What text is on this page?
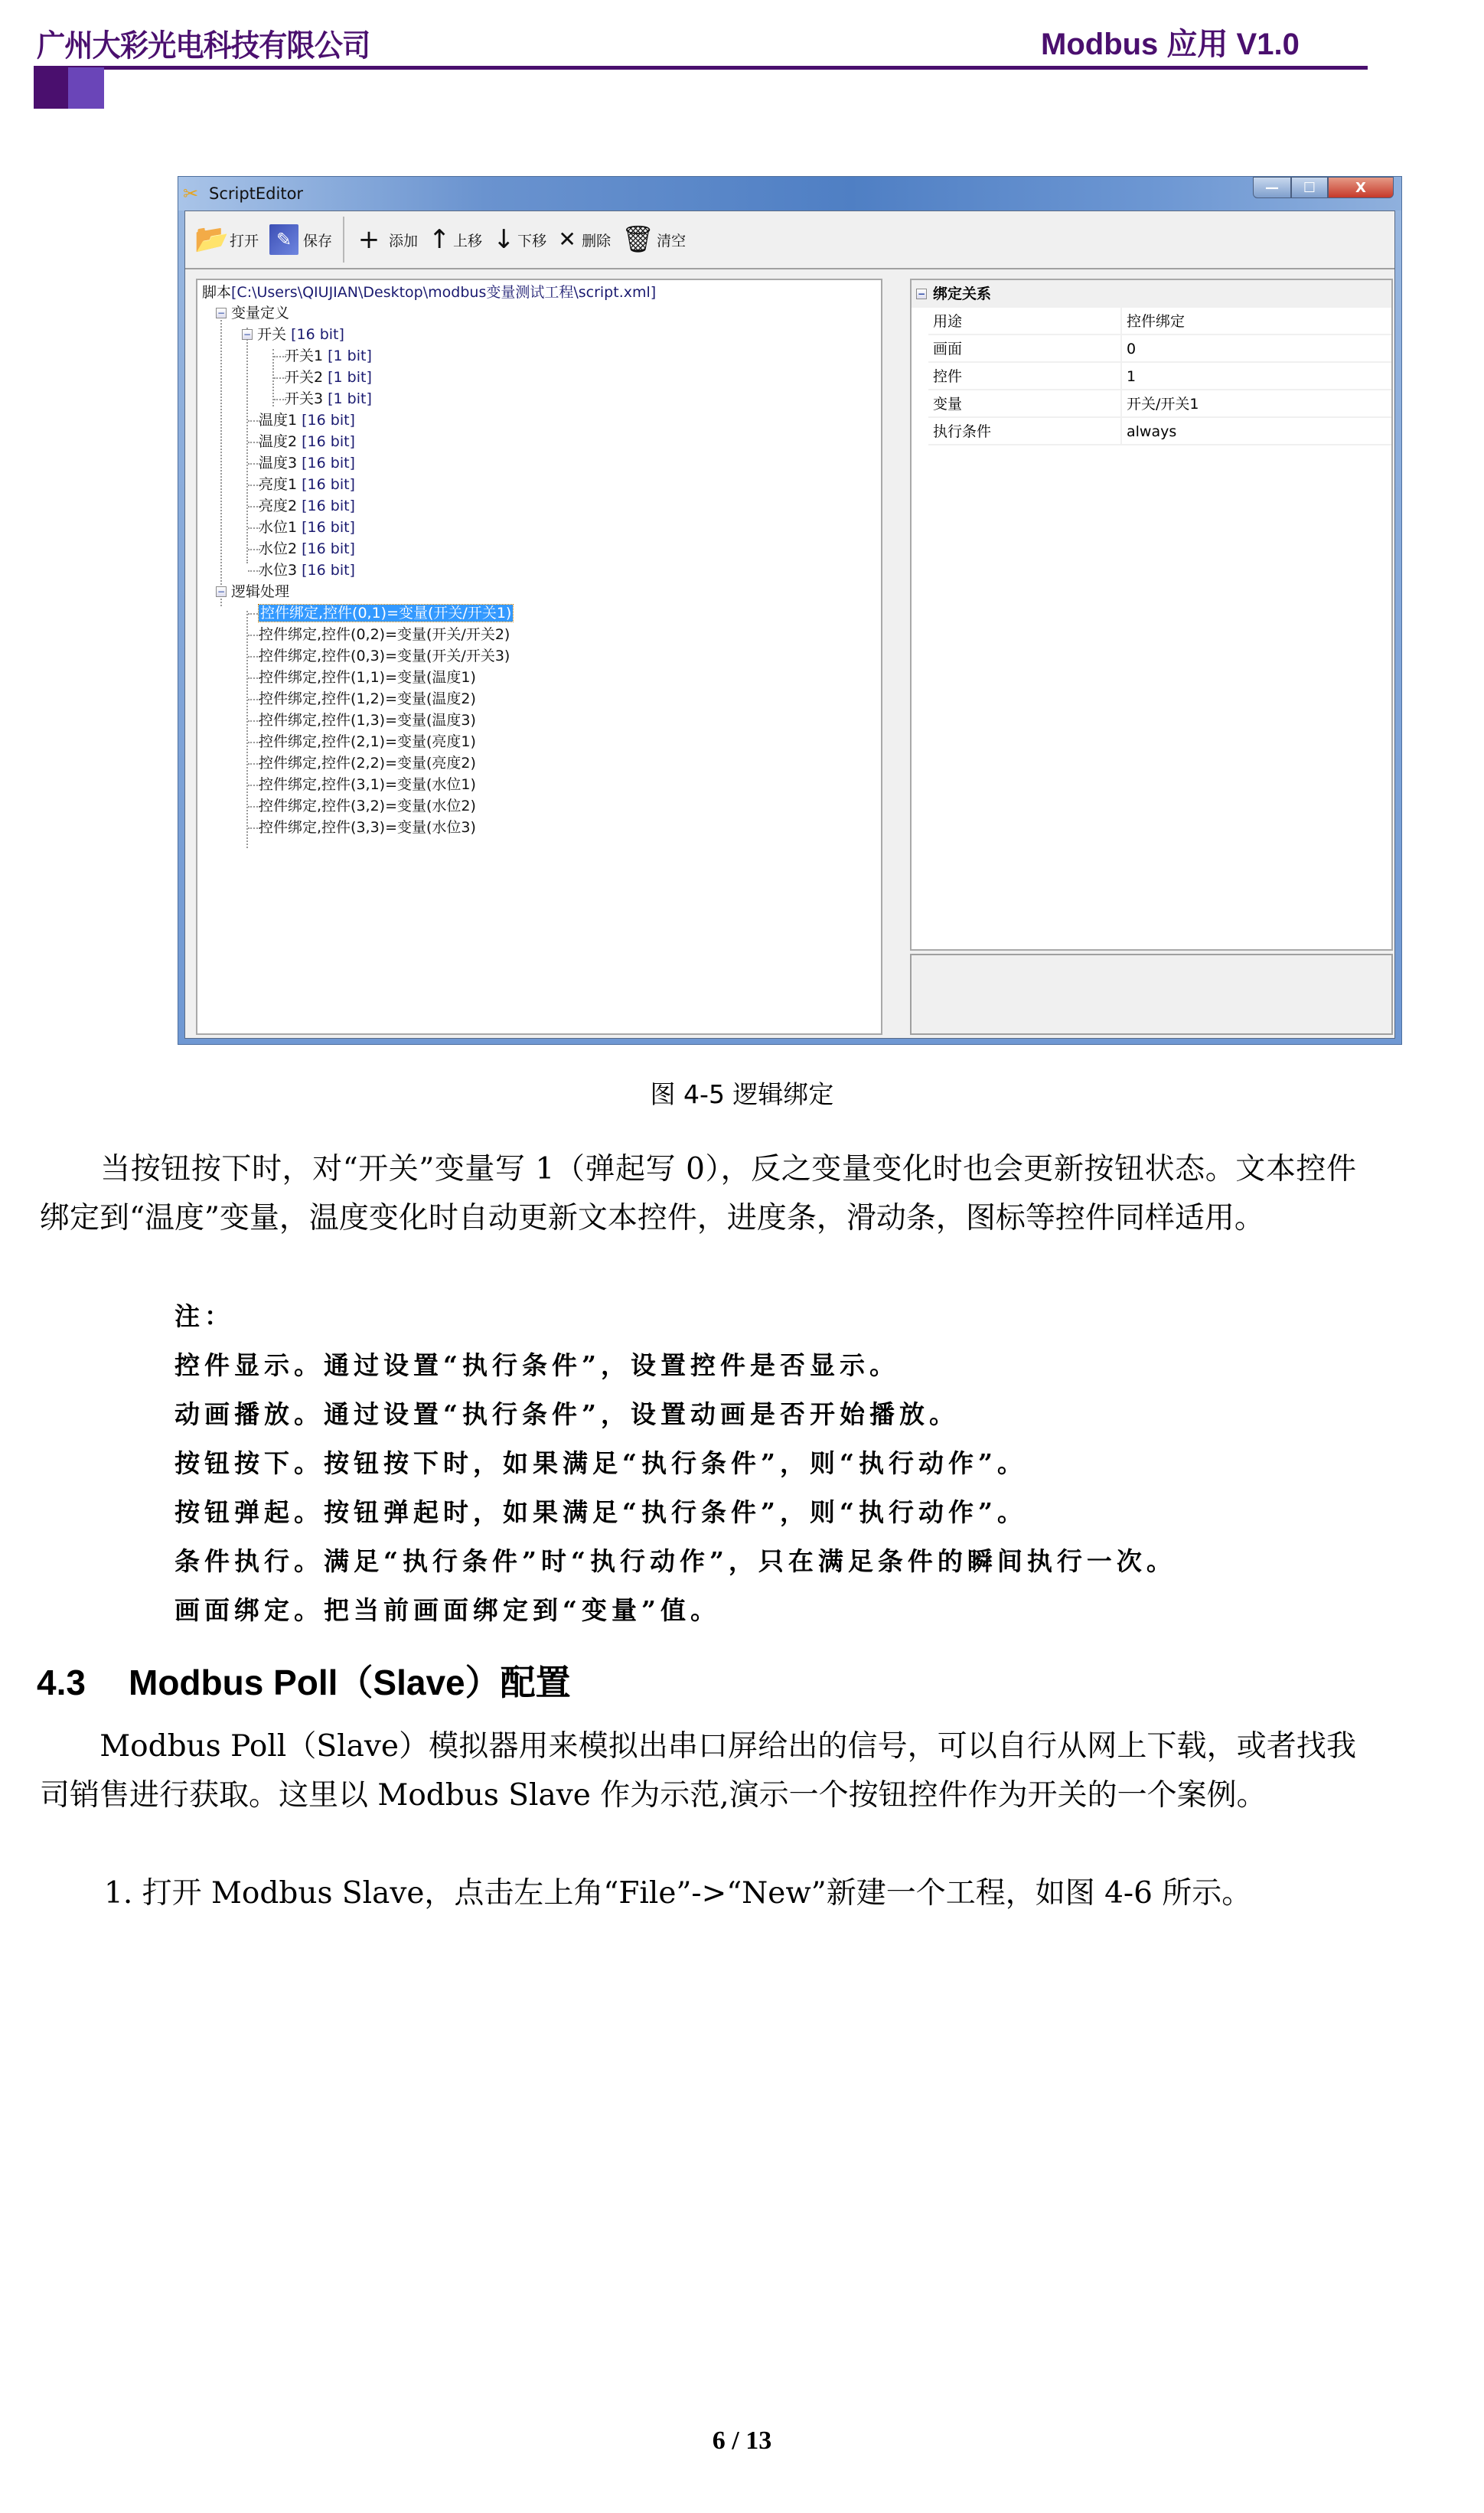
广州大彩光电科技有限公司	Modbus 应用 V1.0
✂ ScriptEditor	— ☐	X
📂 打开 ✎ 保存 + 添加 ↑ 上移 ↓ 下移 ✕ 删除 🗑 清空
脚本[C:\Users\QIUJIAN\Desktop\modbus变量测试工程\script.xml]
− 变量定义
− 开关 [16 bit]
开关1 [1 bit]
开关2 [1 bit]
开关3 [1 bit]
温度1 [16 bit]
温度2 [16 bit]
温度3 [16 bit]
亮度1 [16 bit]
亮度2 [16 bit]
水位1 [16 bit]
水位2 [16 bit]
水位3 [16 bit]
− 逻辑处理
控件绑定,控件(0,1)=变量(开关/开关1)
控件绑定,控件(0,2)=变量(开关/开关2)
控件绑定,控件(0,3)=变量(开关/开关3)
控件绑定,控件(1,1)=变量(温度1)
控件绑定,控件(1,2)=变量(温度2)
控件绑定,控件(1,3)=变量(温度3)
控件绑定,控件(2,1)=变量(亮度1)
控件绑定,控件(2,2)=变量(亮度2)
控件绑定,控件(3,1)=变量(水位1)
控件绑定,控件(3,2)=变量(水位2)
控件绑定,控件(3,3)=变量(水位3)
− 绑定关系
用途	控件绑定
画面	0
控件	1
变量	开关/开关1
执行条件	always
图 4-5 逻辑绑定
　　当按钮按下时，对“开关”变量写 1（弹起写 0），反之变量变化时也会更新按钮状态。文本控件绑定到“温度”变量，温度变化时自动更新文本控件，进度条，滑动条，图标等控件同样适用。
注：
控件显示。通过设置“执行条件”，设置控件是否显示。
动画播放。通过设置“执行条件”，设置动画是否开始播放。
按钮按下。按钮按下时，如果满足“执行条件”，则“执行动作”。
按钮弹起。按钮弹起时，如果满足“执行条件”，则“执行动作”。
条件执行。满足“执行条件”时“执行动作”，只在满足条件的瞬间执行一次。
画面绑定。把当前画面绑定到“变量”值。
4.3 Modbus Poll（Slave）配置
　　Modbus Poll（Slave）模拟器用来模拟出串口屏给出的信号，可以自行从网上下载，或者找我司销售进行获取。这里以 Modbus Slave 作为示范,演示一个按钮控件作为开关的一个案例。
1. 打开 Modbus Slave，点击左上角“File”->“New”新建一个工程，如图 4-6 所示。
6 / 13
